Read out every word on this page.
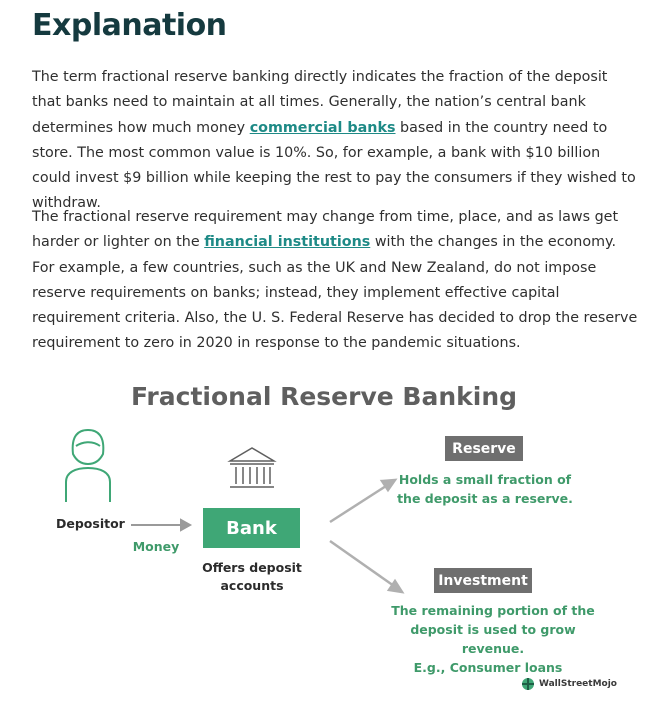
Explanation

The term fractional reserve banking directly indicates the fraction of the deposit that banks need to maintain at all times. Generally, the nation’s central bank determines how much money commercial banks based in the country need to store. The most common value is 10%. So, for example, a bank with $10 billion could invest $9 billion while keeping the rest to pay the consumers if they wished to withdraw.

The fractional reserve requirement may change from time, place, and as laws get harder or lighter on the financial institutions with the changes in the economy. For example, a few countries, such as the UK and New Zealand, do not impose reserve requirements on banks; instead, they implement effective capital requirement criteria. Also, the U. S. Federal Reserve has decided to drop the reserve requirement to zero in 2020 in response to the pandemic situations.

Fractional Reserve Banking
Depositor
Money
Bank
Offers deposit
accounts
Reserve
Holds a small fraction of
the deposit as a reserve.
Investment
The remaining portion of the
deposit is used to grow
revenue.
E.g., Consumer loans
WallStreetMojo
